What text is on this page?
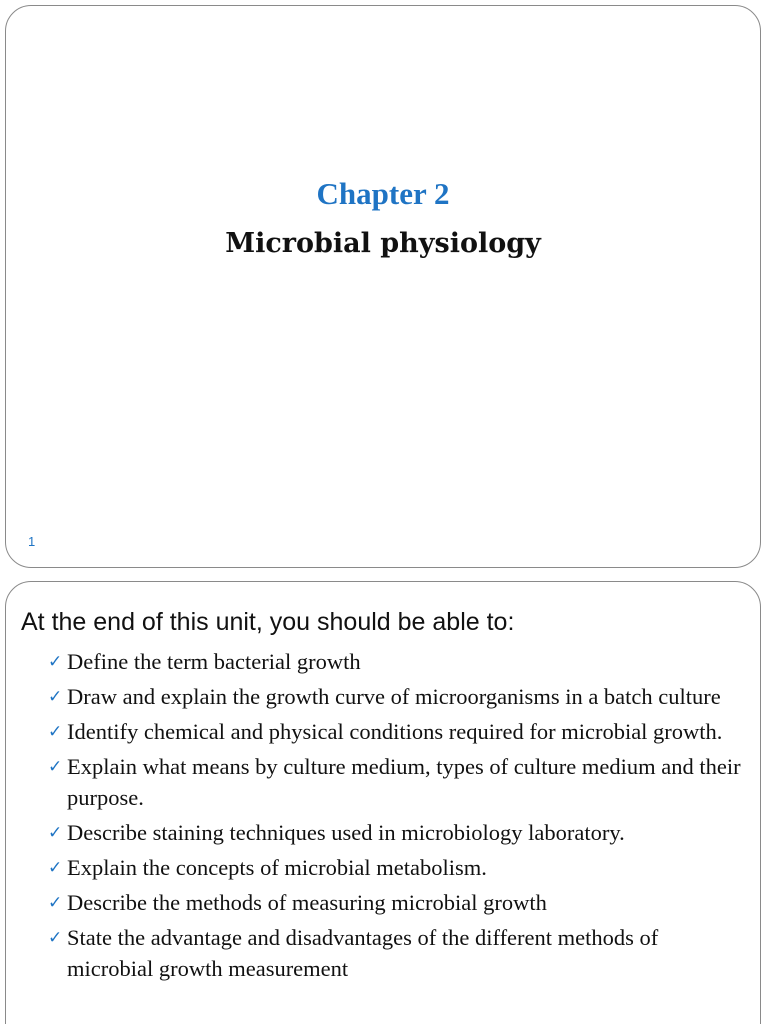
Chapter 2
Microbial physiology
1
At the end of this unit, you should be able to:
✓ Define the term bacterial growth
✓ Draw and explain the growth curve of microorganisms in a batch culture
✓ Identify chemical and physical conditions required for microbial growth.
✓ Explain what means by culture medium, types of culture medium and their purpose.
✓ Describe staining techniques used in microbiology laboratory.
✓ Explain the concepts of microbial metabolism.
✓ Describe the methods of measuring microbial growth
✓ State the advantage and disadvantages of the different methods of microbial growth measurement
